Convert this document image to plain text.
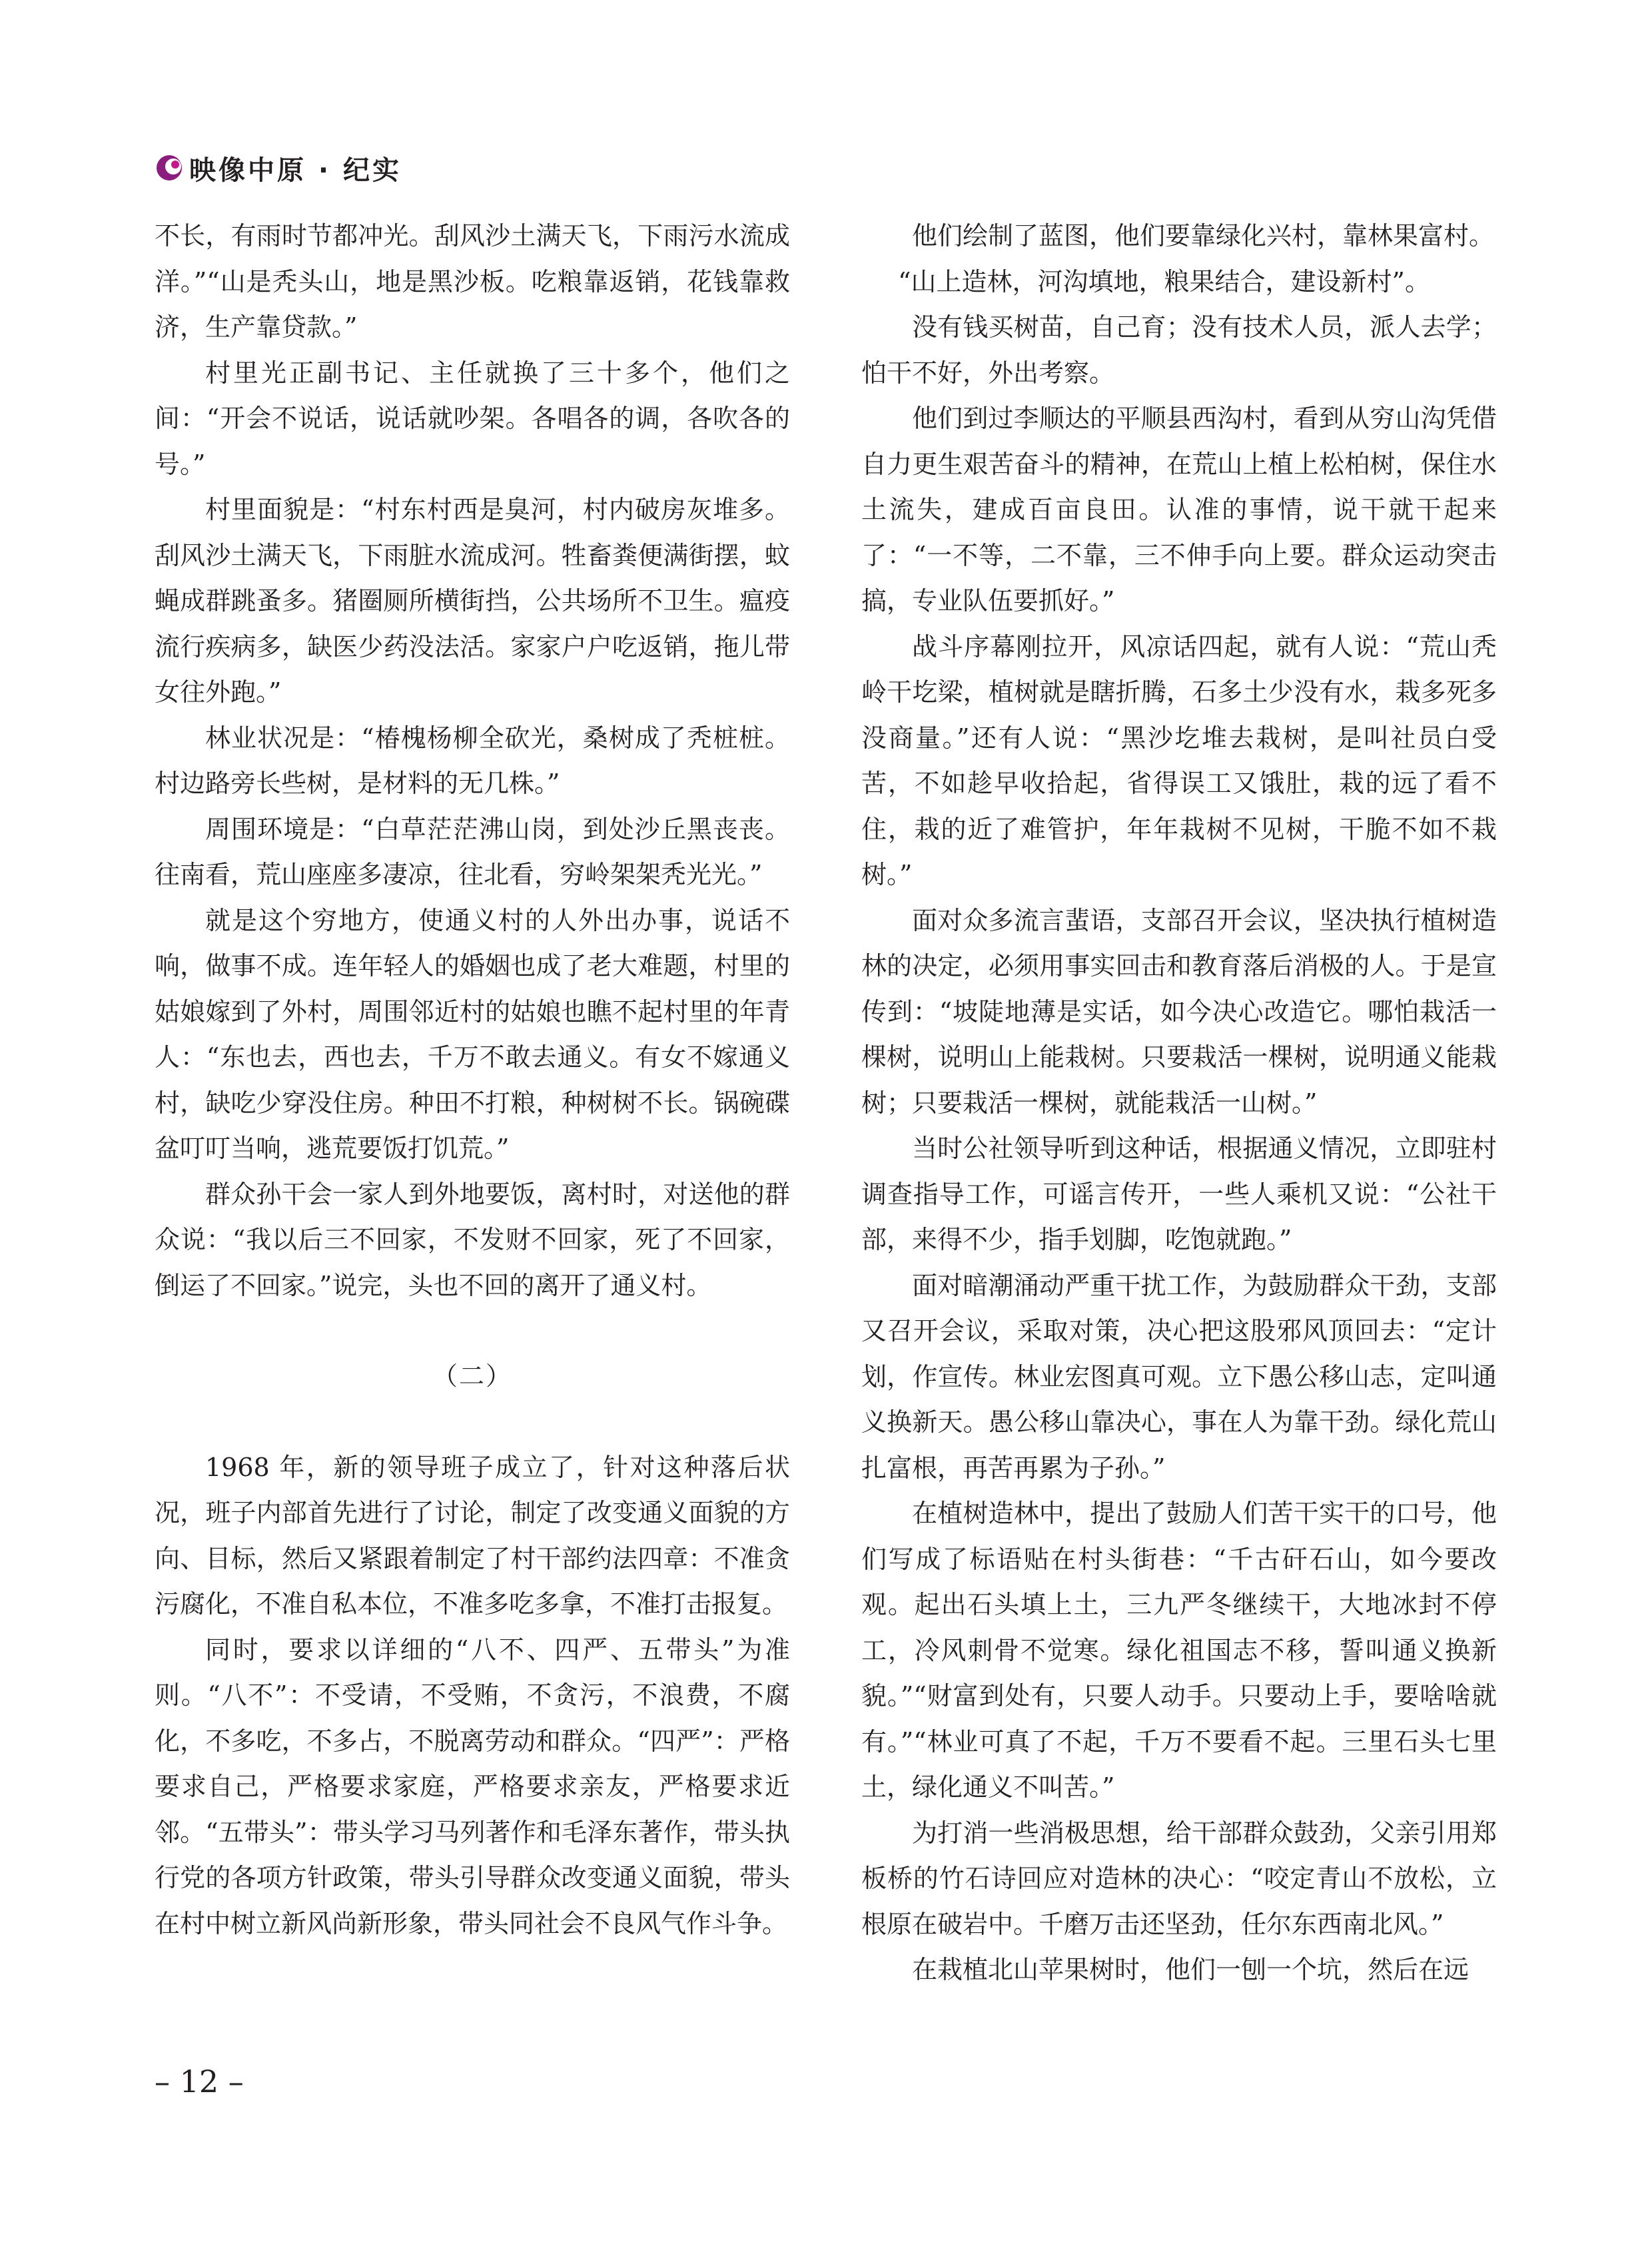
映像中原 · 纪实

不长，有雨时节都冲光。刮风沙土满天飞，下雨污水流成洋。”“山是秃头山，地是黑沙板。吃粮靠返销，花钱靠救济，生产靠贷款。”

村里光正副书记、主任就换了三十多个，他们之间：“开会不说话，说话就吵架。各唱各的调，各吹各的号。”

村里面貌是：“村东村西是臭河，村内破房灰堆多。刮风沙土满天飞，下雨脏水流成河。牲畜粪便满街摆，蚊蝇成群跳蚤多。猪圈厕所横街挡，公共场所不卫生。瘟疫流行疾病多，缺医少药没法活。家家户户吃返销，拖儿带女往外跑。”

林业状况是：“椿槐杨柳全砍光，桑树成了秃桩桩。村边路旁长些树，是材料的无几株。”

周围环境是：“白草茫茫沸山岗，到处沙丘黑丧丧。往南看，荒山座座多凄凉，往北看，穷岭架架秃光光。”

就是这个穷地方，使通义村的人外出办事，说话不响，做事不成。连年轻人的婚姻也成了老大难题，村里的姑娘嫁到了外村，周围邻近村的姑娘也瞧不起村里的年青人：“东也去，西也去，千万不敢去通义。有女不嫁通义村，缺吃少穿没住房。种田不打粮，种树树不长。锅碗碟盆叮叮当响，逃荒要饭打饥荒。”

群众孙干会一家人到外地要饭，离村时，对送他的群众说：“我以后三不回家，不发财不回家，死了不回家，倒运了不回家。”说完，头也不回的离开了通义村。

（二）

1968 年，新的领导班子成立了，针对这种落后状况，班子内部首先进行了讨论，制定了改变通义面貌的方向、目标，然后又紧跟着制定了村干部约法四章：不准贪污腐化，不准自私本位，不准多吃多拿，不准打击报复。

同时，要求以详细的“八不、四严、五带头”为准则。“八不”：不受请，不受贿，不贪污，不浪费，不腐化，不多吃，不多占，不脱离劳动和群众。“四严”：严格要求自己，严格要求家庭，严格要求亲友，严格要求近邻。“五带头”：带头学习马列著作和毛泽东著作，带头执行党的各项方针政策，带头引导群众改变通义面貌，带头在村中树立新风尚新形象，带头同社会不良风气作斗争。

他们绘制了蓝图，他们要靠绿化兴村，靠林果富村。

“山上造林，河沟填地，粮果结合，建设新村”。

没有钱买树苗，自己育；没有技术人员，派人去学；怕干不好，外出考察。

他们到过李顺达的平顺县西沟村，看到从穷山沟凭借自力更生艰苦奋斗的精神，在荒山上植上松柏树，保住水土流失，建成百亩良田。认准的事情，说干就干起来了：“一不等，二不靠，三不伸手向上要。群众运动突击搞，专业队伍要抓好。”

战斗序幕刚拉开，风凉话四起，就有人说：“荒山秃岭干圪梁，植树就是瞎折腾，石多土少没有水，栽多死多没商量。”还有人说：“黑沙圪堆去栽树，是叫社员白受苦，不如趁早收拾起，省得误工又饿肚，栽的远了看不住，栽的近了难管护，年年栽树不见树，干脆不如不栽树。”

面对众多流言蜚语，支部召开会议，坚决执行植树造林的决定，必须用事实回击和教育落后消极的人。于是宣传到：“坡陡地薄是实话，如今决心改造它。哪怕栽活一棵树，说明山上能栽树。只要栽活一棵树，说明通义能栽树；只要栽活一棵树，就能栽活一山树。”

当时公社领导听到这种话，根据通义情况，立即驻村调查指导工作，可谣言传开，一些人乘机又说：“公社干部，来得不少，指手划脚，吃饱就跑。”

面对暗潮涌动严重干扰工作，为鼓励群众干劲，支部又召开会议，采取对策，决心把这股邪风顶回去：“定计划，作宣传。林业宏图真可观。立下愚公移山志，定叫通义换新天。愚公移山靠决心，事在人为靠干劲。绿化荒山扎富根，再苦再累为子孙。”

在植树造林中，提出了鼓励人们苦干实干的口号，他们写成了标语贴在村头街巷：“千古矸石山，如今要改观。起出石头填上土，三九严冬继续干，大地冰封不停工，冷风刺骨不觉寒。绿化祖国志不移，誓叫通义换新貌。”“财富到处有，只要人动手。只要动上手，要啥啥就有。”“林业可真了不起，千万不要看不起。三里石头七里土，绿化通义不叫苦。”

为打消一些消极思想，给干部群众鼓劲，父亲引用郑板桥的竹石诗回应对造林的决心：“咬定青山不放松，立根原在破岩中。千磨万击还坚劲，任尔东西南北风。”

在栽植北山苹果树时，他们一刨一个坑，然后在远

– 12 –
